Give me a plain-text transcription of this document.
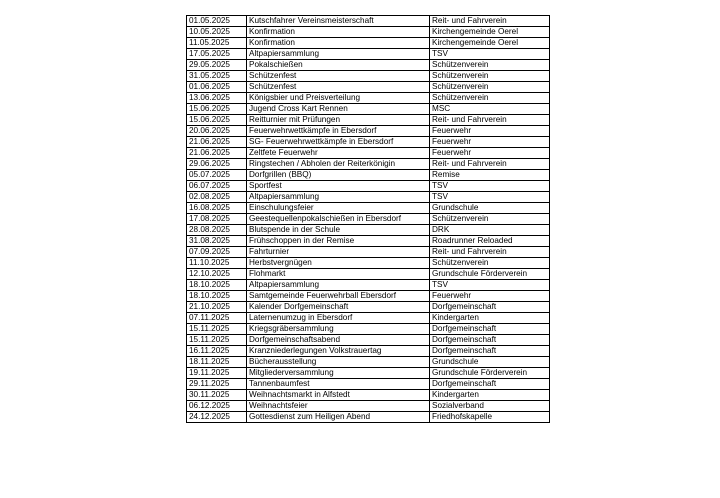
01.05.2025	Kutschfahrer Vereinsmeisterschaft	Reit- und Fahrverein
10.05.2025	Konfirmation	Kirchengemeinde Oerel
11.05.2025	Konfirmation	Kirchengemeinde Oerel
17.05.2025	Altpapiersammlung	TSV
29.05.2025	Pokalschießen	Schützenverein
31.05.2025	Schützenfest	Schützenverein
01.06.2025	Schützenfest	Schützenverein
13.06.2025	Königsbier und Preisverteilung	Schützenverein
15.06.2025	Jugend Cross Kart Rennen	MSC
15.06.2025	Reitturnier mit Prüfungen	Reit- und Fahrverein
20.06.2025	Feuerwehrwettkämpfe in Ebersdorf	Feuerwehr
21.06.2025	SG- Feuerwehrwettkämpfe in Ebersdorf	Feuerwehr
21.06.2025	Zeltfete Feuerwehr	Feuerwehr
29.06.2025	Ringstechen / Abholen der Reiterkönigin	Reit- und Fahrverein
05.07.2025	Dorfgrillen (BBQ)	Remise
06.07.2025	Sportfest	TSV
02.08.2025	Altpapiersammlung	TSV
16.08.2025	Einschulungsfeier	Grundschule
17.08.2025	Geestequellenpokalschießen in Ebersdorf	Schützenverein
28.08.2025	Blutspende in der Schule	DRK
31.08.2025	Frühschoppen in der Remise	Roadrunner Reloaded
07.09.2025	Fahrturnier	Reit- und Fahrverein
11.10.2025	Herbstvergnügen	Schützenverein
12.10.2025	Flohmarkt	Grundschule Förderverein
18.10.2025	Altpapiersammlung	TSV
18.10.2025	Samtgemeinde Feuerwehrball Ebersdorf	Feuerwehr
21.10.2025	Kalender Dorfgemeinschaft	Dorfgemeinschaft
07.11.2025	Laternenumzug in Ebersdorf	Kindergarten
15.11.2025	Kriegsgräbersammlung	Dorfgemeinschaft
15.11.2025	Dorfgemeinschaftsabend	Dorfgemeinschaft
16.11.2025	Kranzniederlegungen Volkstrauertag	Dorfgemeinschaft
18.11.2025	Bücherausstellung	Grundschule
19.11.2025	Mitgliederversammlung	Grundschule Förderverein
29.11.2025	Tannenbaumfest	Dorfgemeinschaft
30.11.2025	Weihnachtsmarkt in Alfstedt	Kindergarten
06.12.2025	Weihnachtsfeier	Sozialverband
24.12.2025	Gottesdienst zum Heiligen Abend	Friedhofskapelle
